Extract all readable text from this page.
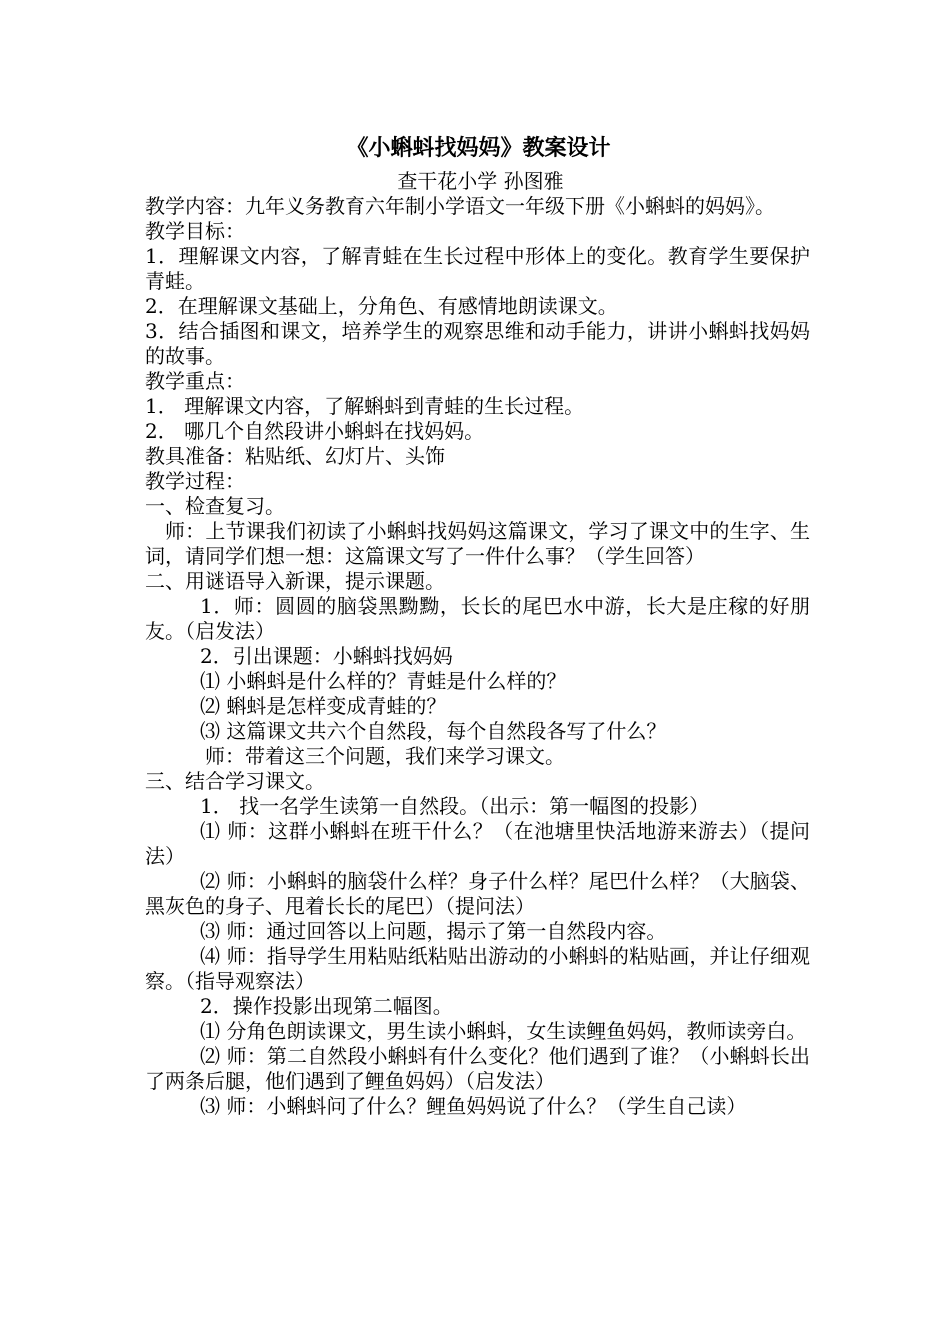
《小蝌蚪找妈妈》教案设计
查干花小学 孙图雅

教学内容：九年义务教育六年制小学语文一年级下册《小蝌蚪的妈妈》。

教学目标：

1．理解课文内容，了解青蛙在生长过程中形体上的变化。教育学生要保护青蛙。

2．在理解课文基础上，分角色、有感情地朗读课文。

3．结合插图和课文，培养学生的观察思维和动手能力，讲讲小蝌蚪找妈妈的故事。

教学重点：

1． 理解课文内容，了解蝌蚪到青蛙的生长过程。

2． 哪几个自然段讲小蝌蚪在找妈妈。

教具准备：粘贴纸、幻灯片、头饰

教学过程：

一、检查复习。

师：上节课我们初读了小蝌蚪找妈妈这篇课文，学习了课文中的生字、生词，请同学们想一想：这篇课文写了一件什么事？（学生回答）

二、用谜语导入新课，提示课题。

1．师：圆圆的脑袋黑黝黝，长长的尾巴水中游，长大是庄稼的好朋友。（启发法）

2．引出课题：小蝌蚪找妈妈

⑴ 小蝌蚪是什么样的？青蛙是什么样的？

⑵ 蝌蚪是怎样变成青蛙的？

⑶ 这篇课文共六个自然段，每个自然段各写了什么？

师：带着这三个问题，我们来学习课文。

三、结合学习课文。

1． 找一名学生读第一自然段。（出示：第一幅图的投影）

⑴ 师：这群小蝌蚪在班干什么？（在池塘里快活地游来游去）（提问法）

⑵ 师：小蝌蚪的脑袋什么样？身子什么样？尾巴什么样？（大脑袋、黑灰色的身子、甩着长长的尾巴）（提问法）

⑶ 师：通过回答以上问题，揭示了第一自然段内容。

⑷ 师：指导学生用粘贴纸粘贴出游动的小蝌蚪的粘贴画，并让仔细观察。（指导观察法）

2．操作投影出现第二幅图。

⑴ 分角色朗读课文，男生读小蝌蚪，女生读鲤鱼妈妈，教师读旁白。

⑵ 师：第二自然段小蝌蚪有什么变化？他们遇到了谁？（小蝌蚪长出了两条后腿，他们遇到了鲤鱼妈妈）（启发法）

⑶ 师：小蝌蚪问了什么？鲤鱼妈妈说了什么？（学生自己读）
